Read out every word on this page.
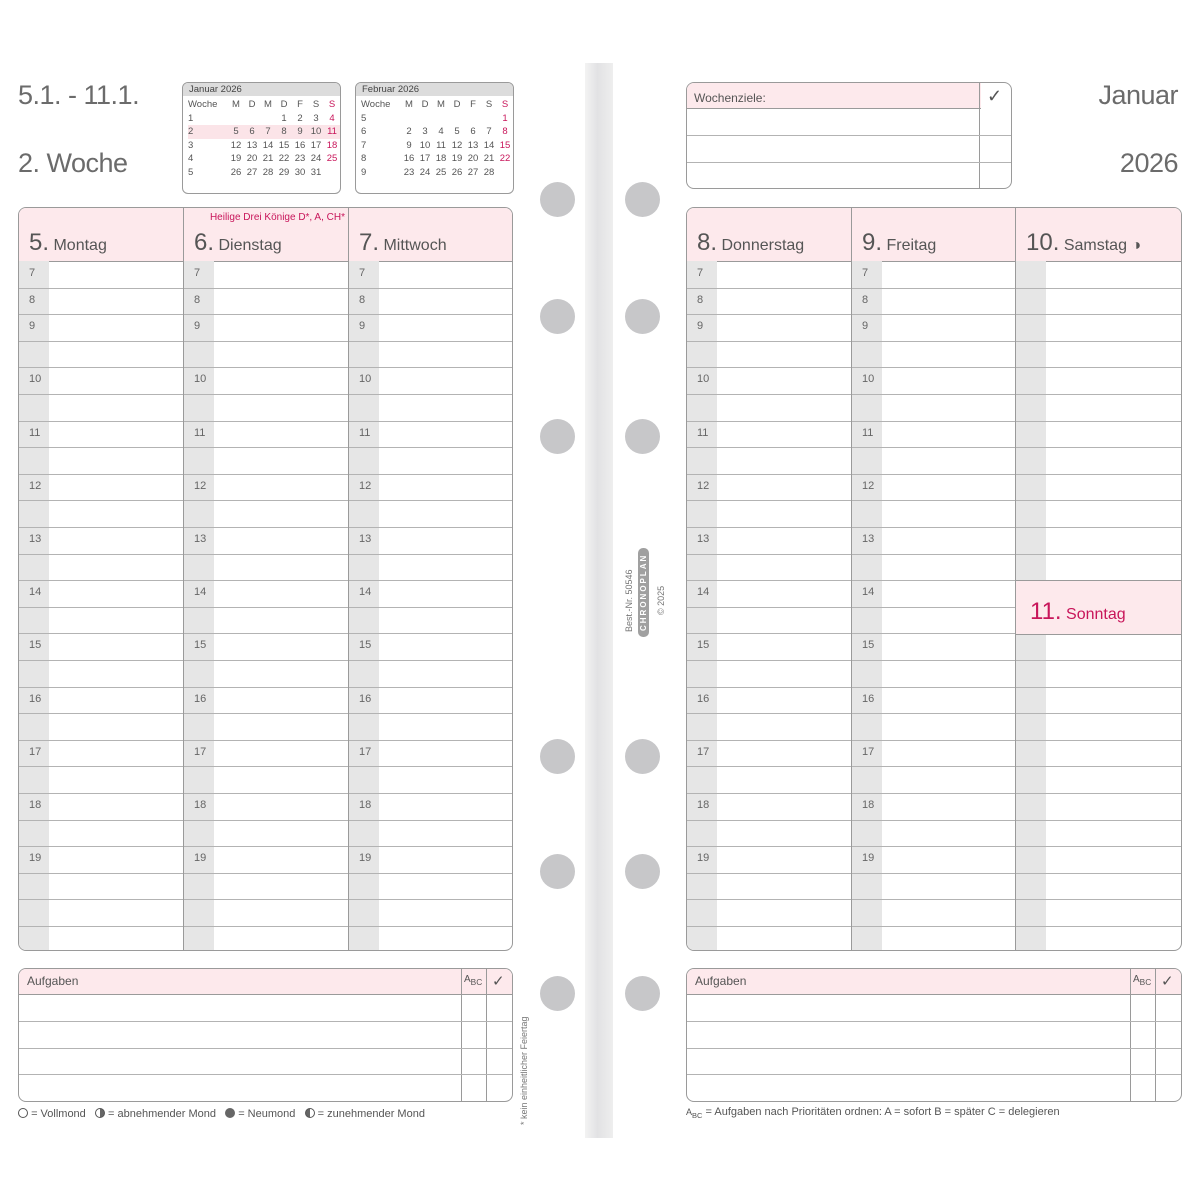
5.1. - 11.1.
2. Woche
Januar 2026
Woche	M	D	M	D	F	S	S
1				1	2	3	4
2	5	6	7	8	9	10	11
3	12	13	14	15	16	17	18
4	19	20	21	22	23	24	25
5	26	27	28	29	30	31	
Februar 2026
Woche	M	D	M	D	F	S	S
5							1
6	2	3	4	5	6	7	8
7	9	10	11	12	13	14	15
8	16	17	18	19	20	21	22
9	23	24	25	26	27	28	
Wochenziele:	✓	Januar
2026
5. Montag
7
8
9
10
11
12
13
14
15
16
17
18
19
6. Dienstag
Heilige Drei Könige D*, A, CH*
7
8
9
10
11
12
13
14
15
16
17
18
19
7. Mittwoch
7
8
9
10
11
12
13
14
15
16
17
18
19
8. Donnerstag
7
8
9
10
11
12
13
14
15
16
17
18
19
9. Freitag
7
8
9
10
11
12
13
14
15
16
17
18
19
10. Samstag ◑
11. Sonntag
Aufgaben	$A_{BC}$ ✓	Aufgaben	$A_{BC}$ ✓
= Vollmond = abnehmender Mond = Neumond = zunehmender Mond	$A_{BC}$ = Aufgaben nach Prioritäten ordnen: A = sofort B = später C = delegieren
* kein einheitlicher Feiertag
Best.-Nr. 50546 CHRONOPLAN © 2025
